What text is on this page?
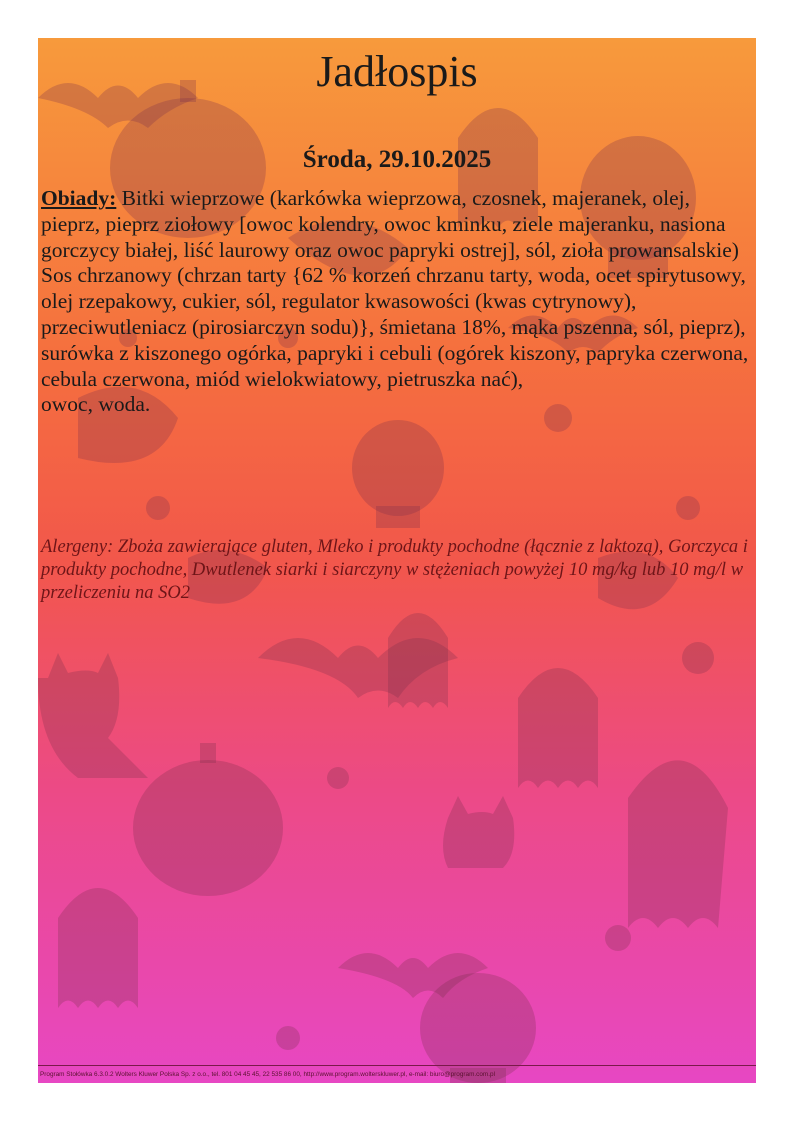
Jadłospis
Środa, 29.10.2025

Obiady: Bitki wieprzowe (karkówka wieprzowa, czosnek, majeranek, olej, pieprz, pieprz ziołowy [owoc kolendry, owoc kminku, ziele majeranku, nasiona gorczycy białej, liść laurowy oraz owoc papryki ostrej], sól, zioła prowansalskie)

Sos chrzanowy (chrzan tarty {62 % korzeń chrzanu tarty, woda, ocet spirytusowy, olej rzepakowy, cukier, sól, regulator kwasowości (kwas cytrynowy), przeciwutleniacz (pirosiarczyn sodu)}, śmietana 18%, mąka pszenna, sól, pieprz),

surówka z kiszonego ogórka, papryki i cebuli (ogórek kiszony, papryka czerwona, cebula czerwona, miód wielokwiatowy, pietruszka nać),

owoc, woda.

Alergeny: Zboża zawierające gluten, Mleko i produkty pochodne (łącznie z laktozą), Gorczyca i produkty pochodne, Dwutlenek siarki i siarczyny w stężeniach powyżej 10 mg/kg lub 10 mg/l w przeliczeniu na SO2
Program Stołówka 6.3.0.2 Wolters Kluwer Polska Sp. z o.o., tel. 801 04 45 45, 22 535 86 00, http://www.program.wolterskluwer.pl, e-mail: biuro@program.com.pl
